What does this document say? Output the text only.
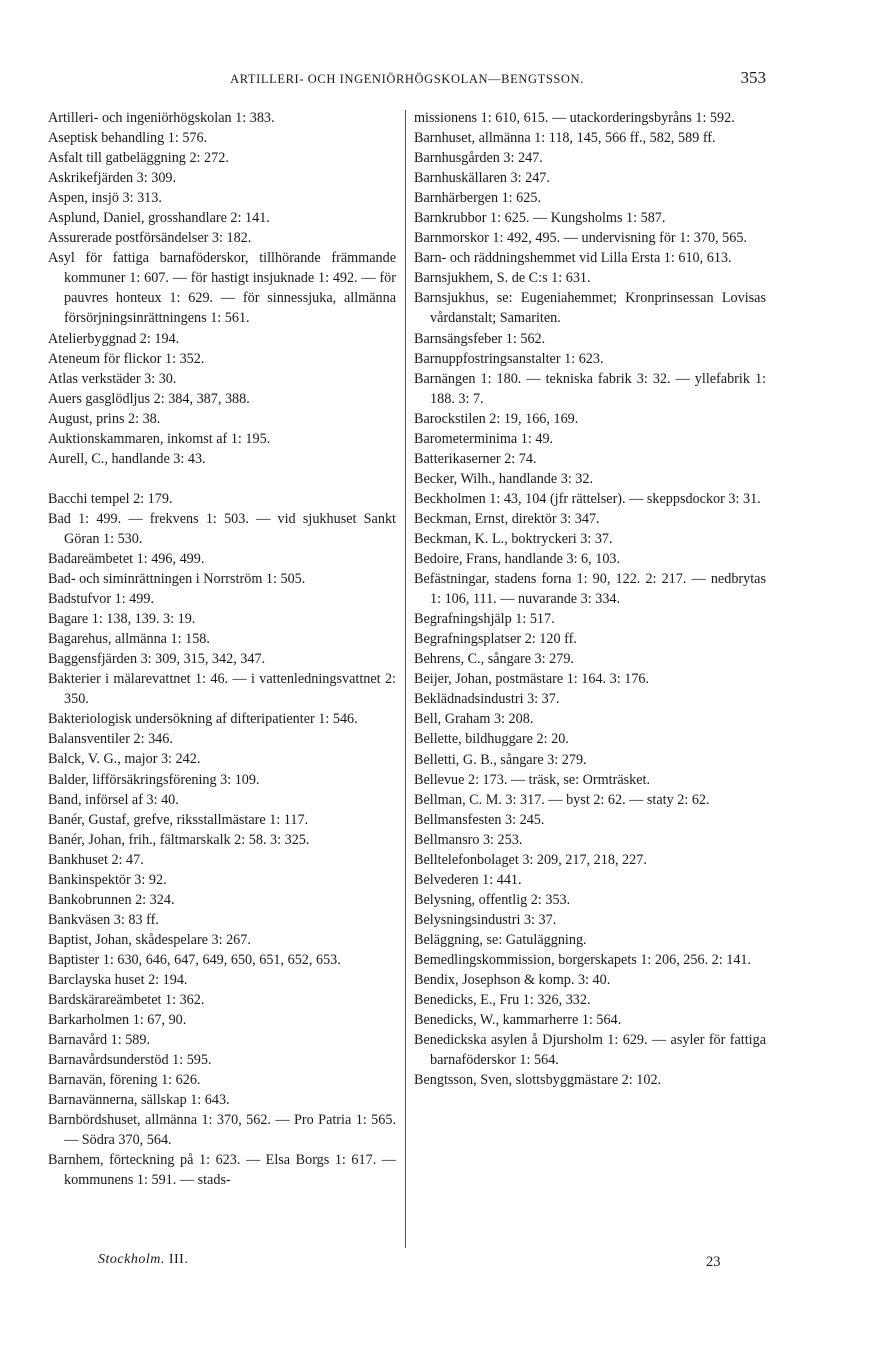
ARTILLERI- OCH INGENIÖRHÖGSKOLAN—BENGTSSON.	353
Artilleri- och ingeniörhögskolan 1: 383.
Aseptisk behandling 1: 576.
Asfalt till gatbeläggning 2: 272.
Askrikefjärden 3: 309.
Aspen, insjö 3: 313.
Asplund, Daniel, grosshandlare 2: 141.
Assurerade postförsändelser 3: 182.
Asyl för fattiga barnaföderskor, tillhörande främmande kommuner 1: 607. — för hastigt insjuknade 1: 492. — för pauvres honteux 1: 629. — för sinnessjuka, allmänna försörjningsinrättningens 1: 561.
Atelierbyggnad 2: 194.
Ateneum för flickor 1: 352.
Atlas verkstäder 3: 30.
Auers gasglödljus 2: 384, 387, 388.
August, prins 2: 38.
Auktionskammaren, inkomst af 1: 195.
Aurell, C., handlande 3: 43.
Bacchi tempel 2: 179.
Bad 1: 499. — frekvens 1: 503. — vid sjukhuset Sankt Göran 1: 530.
Badareämbetet 1: 496, 499.
Bad- och siminrättningen i Norrström 1: 505.
Badstufvor 1: 499.
Bagare 1: 138, 139. 3: 19.
Bagarehus, allmänna 1: 158.
Baggensfjärden 3: 309, 315, 342, 347.
Bakterier i mälarevattnet 1: 46. — i vattenledningsvattnet 2: 350.
Bakteriologisk undersökning af difteripatienter 1: 546.
Balansventiler 2: 346.
Balck, V. G., major 3: 242.
Balder, lifförsäkringsförening 3: 109.
Band, införsel af 3: 40.
Banér, Gustaf, grefve, riksstallmästare 1: 117.
Banér, Johan, frih., fältmarskalk 2: 58. 3: 325.
Bankhuset 2: 47.
Bankinspektör 3: 92.
Bankobrunnen 2: 324.
Bankväsen 3: 83 ff.
Baptist, Johan, skådespelare 3: 267.
Baptister 1: 630, 646, 647, 649, 650, 651, 652, 653.
Barclayska huset 2: 194.
Bardskärareämbetet 1: 362.
Barkarholmen 1: 67, 90.
Barnavård 1: 589.
Barnavårdsunderstöd 1: 595.
Barnavän, förening 1: 626.
Barnavännerna, sällskap 1: 643.
Barnbördshuset, allmänna 1: 370, 562. — Pro Patria 1: 565. — Södra 370, 564.
Barnhem, förteckning på 1: 623. — Elsa Borgs 1: 617. — kommunens 1: 591. — stads-
missionens 1: 610, 615. — utackorderingsbyråns 1: 592.
Barnhuset, allmänna 1: 118, 145, 566 ff., 582, 589 ff.
Barnhusgården 3: 247.
Barnhuskällaren 3: 247.
Barnhärbergen 1: 625.
Barnkrubbor 1: 625. — Kungsholms 1: 587.
Barnmorskor 1: 492, 495. — undervisning för 1: 370, 565.
Barn- och räddningshemmet vid Lilla Ersta 1: 610, 613.
Barnsjukhem, S. de C:s 1: 631.
Barnsjukhus, se: Eugeniahemmet; Kronprinsessan Lovisas vårdanstalt; Samariten.
Barnsängsfeber 1: 562.
Barnuppfostringsanstalter 1: 623.
Barnängen 1: 180. — tekniska fabrik 3: 32. — yllefabrik 1: 188. 3: 7.
Barockstilen 2: 19, 166, 169.
Barometerminima 1: 49.
Batterikaserner 2: 74.
Becker, Wilh., handlande 3: 32.
Beckholmen 1: 43, 104 (jfr rättelser). — skeppsdockor 3: 31.
Beckman, Ernst, direktör 3: 347.
Beckman, K. L., boktryckeri 3: 37.
Bedoire, Frans, handlande 3: 6, 103.
Befästningar, stadens forna 1: 90, 122. 2: 217. — nedbrytas 1: 106, 111. — nuvarande 3: 334.
Begrafningshjälp 1: 517.
Begrafningsplatser 2: 120 ff.
Behrens, C., sångare 3: 279.
Beijer, Johan, postmästare 1: 164. 3: 176.
Beklädnadsindustri 3: 37.
Bell, Graham 3: 208.
Bellette, bildhuggare 2: 20.
Belletti, G. B., sångare 3: 279.
Bellevue 2: 173. — träsk, se: Ormträsket.
Bellman, C. M. 3: 317. — byst 2: 62. — staty 2: 62.
Bellmansfesten 3: 245.
Bellmansro 3: 253.
Belltelefonbolaget 3: 209, 217, 218, 227.
Belvederen 1: 441.
Belysning, offentlig 2: 353.
Belysningsindustri 3: 37.
Beläggning, se: Gatuläggning.
Bemedlingskommission, borgerskapets 1: 206, 256. 2: 141.
Bendix, Josephson & komp. 3: 40.
Benedicks, E., Fru 1: 326, 332.
Benedicks, W., kammarherre 1: 564.
Benedickska asylen å Djursholm 1: 629. — asyler för fattiga barnaföderskor 1: 564.
Bengtsson, Sven, slottsbyggmästare 2: 102.
Stockholm. III.	23
